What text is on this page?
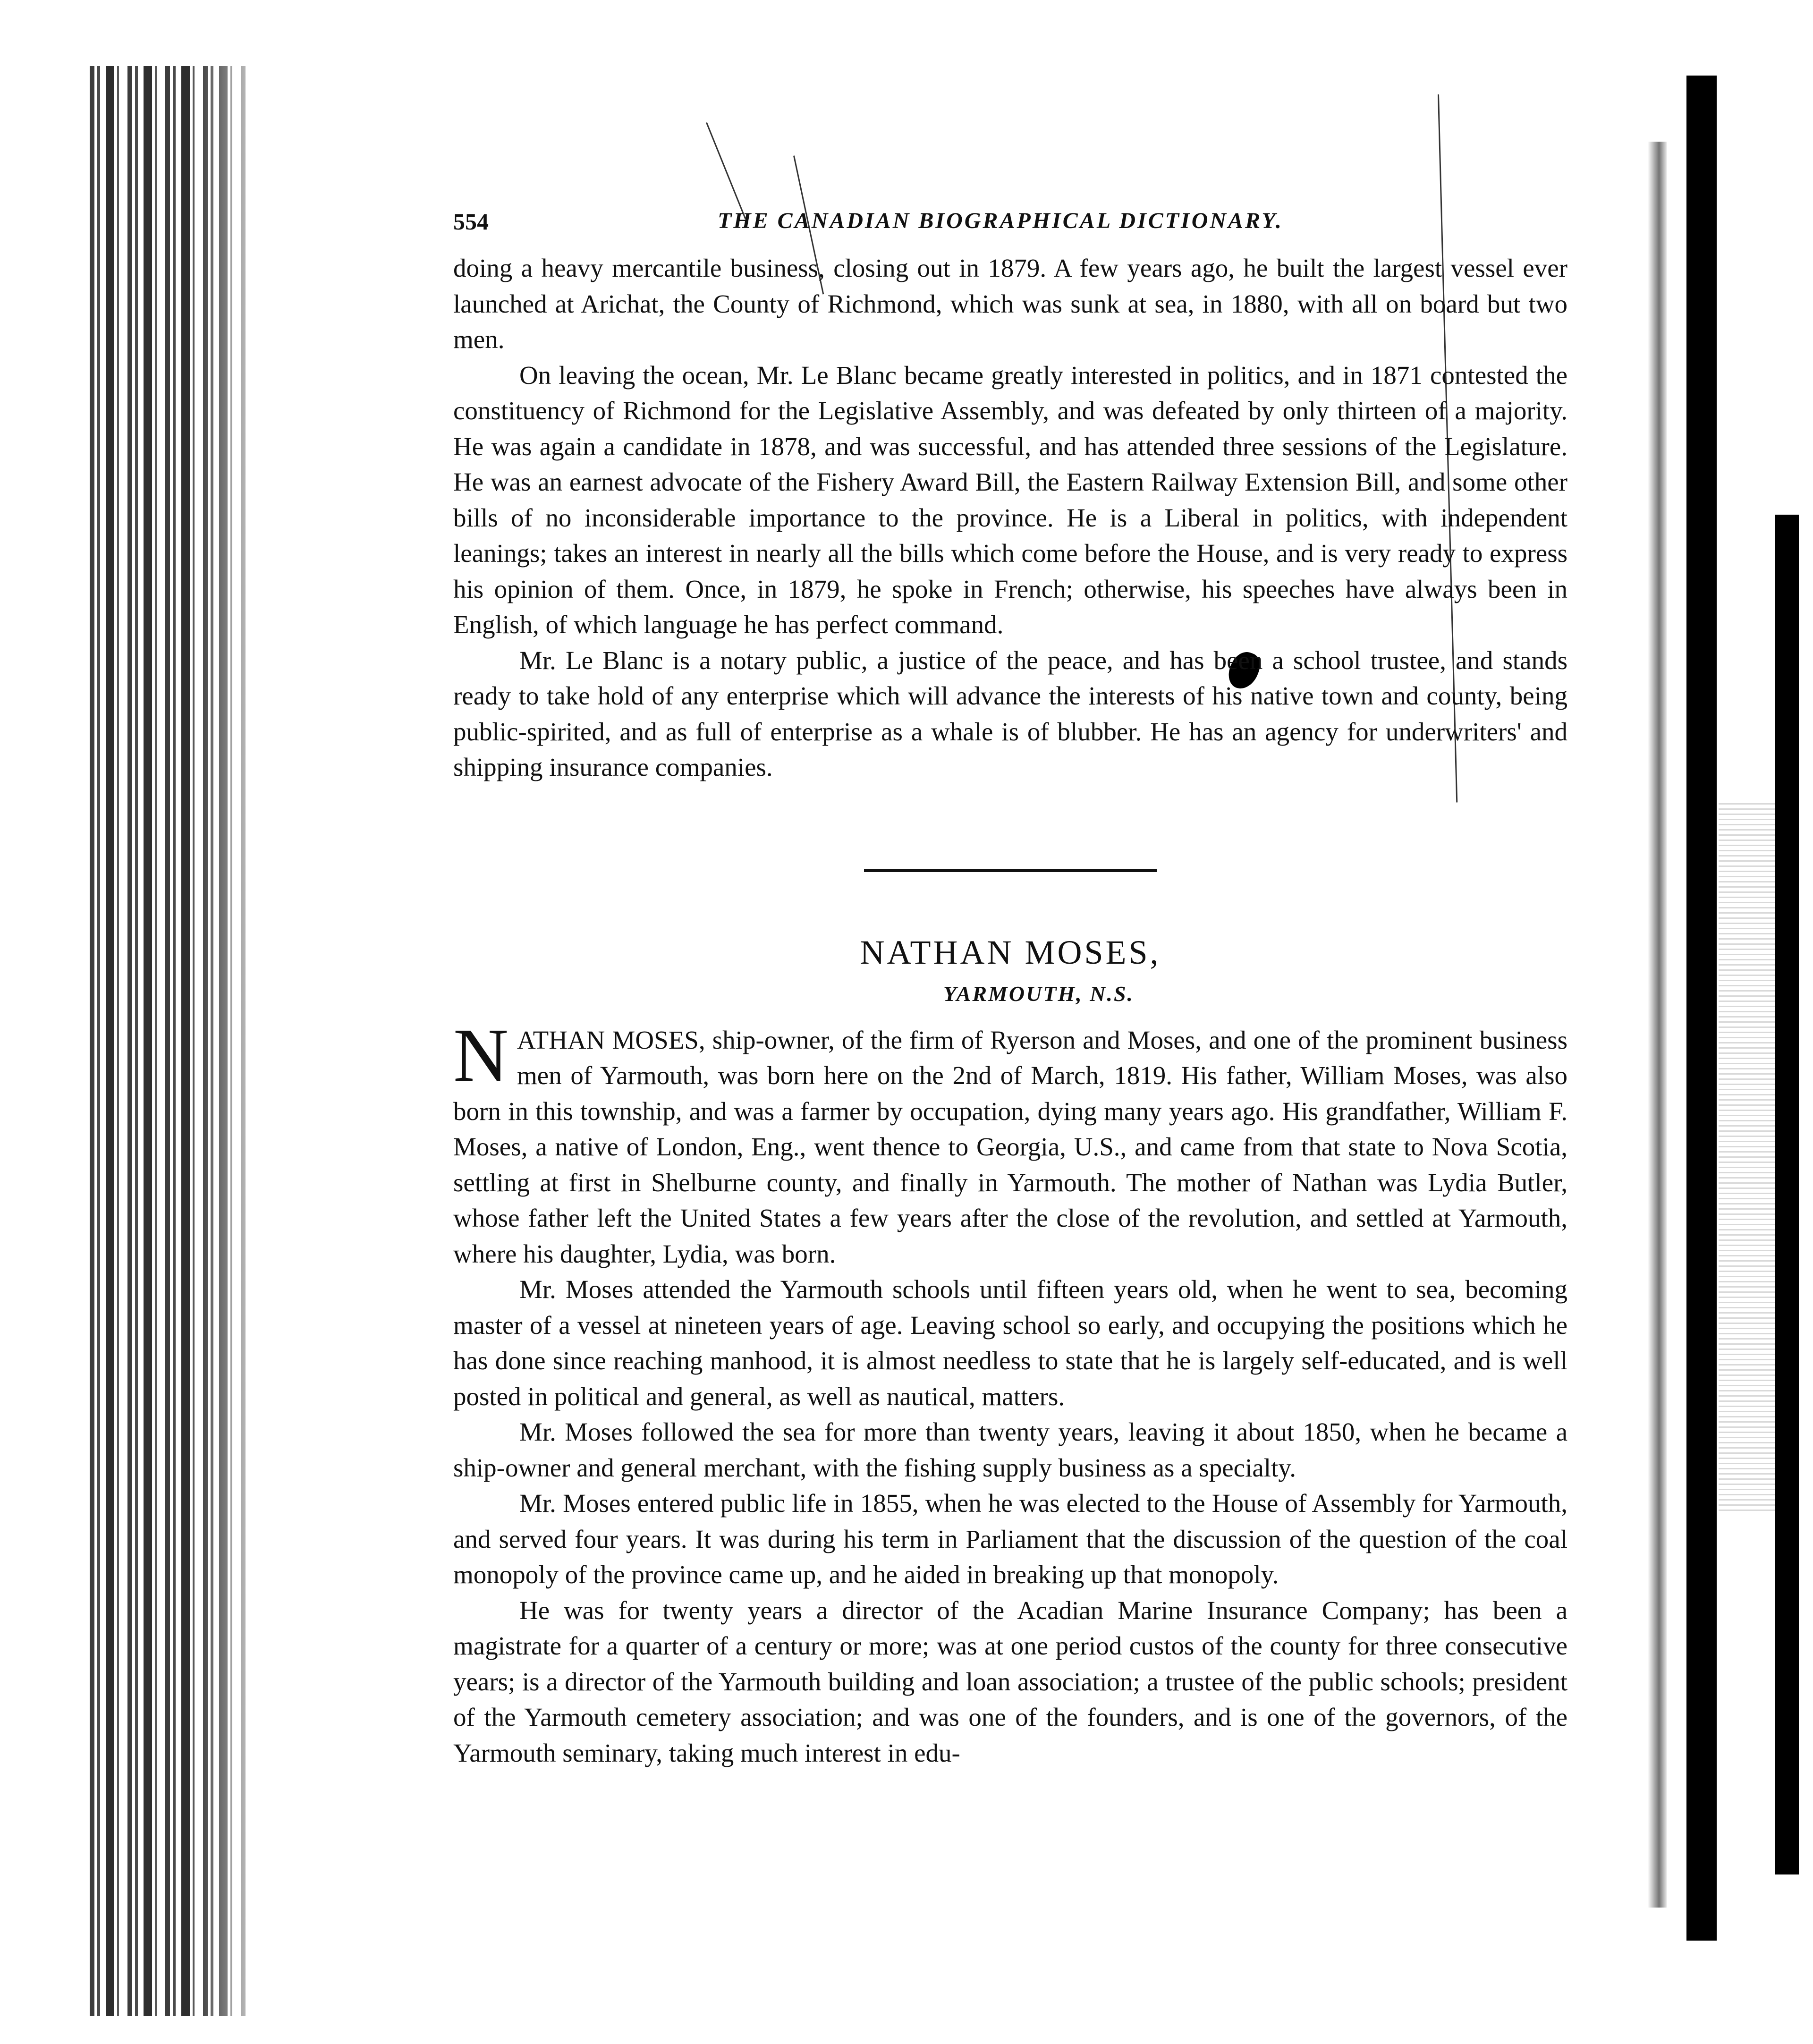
554	THE CANADIAN BIOGRAPHICAL DICTIONARY.

doing a heavy mercantile business, closing out in 1879. A few years ago, he built the largest vessel ever launched at Arichat, the County of Richmond, which was sunk at sea, in 1880, with all on board but two men.

On leaving the ocean, Mr. Le Blanc became greatly interested in politics, and in 1871 contested the constituency of Richmond for the Legislative Assembly, and was defeated by only thirteen of a majority. He was again a candidate in 1878, and was successful, and has attended three sessions of the Legislature. He was an earnest advocate of the Fishery Award Bill, the Eastern Railway Extension Bill, and some other bills of no inconsiderable importance to the province. He is a Liberal in politics, with independent leanings; takes an interest in nearly all the bills which come before the House, and is very ready to express his opinion of them. Once, in 1879, he spoke in French; otherwise, his speeches have always been in English, of which language he has perfect command.

Mr. Le Blanc is a notary public, a justice of the peace, and has been a school trustee, and stands ready to take hold of any enterprise which will advance the interests of his native town and county, being public-spirited, and as full of enterprise as a whale is of blubber. He has an agency for underwriters' and shipping insurance companies.

NATHAN MOSES,
YARMOUTH, N.S.

NATHAN MOSES, ship-owner, of the firm of Ryerson and Moses, and one of the prominent business men of Yarmouth, was born here on the 2nd of March, 1819. His father, William Moses, was also born in this township, and was a farmer by occupation, dying many years ago. His grandfather, William F. Moses, a native of London, Eng., went thence to Georgia, U.S., and came from that state to Nova Scotia, settling at first in Shelburne county, and finally in Yarmouth. The mother of Nathan was Lydia Butler, whose father left the United States a few years after the close of the revolution, and settled at Yarmouth, where his daughter, Lydia, was born.

Mr. Moses attended the Yarmouth schools until fifteen years old, when he went to sea, becoming master of a vessel at nineteen years of age. Leaving school so early, and occupying the positions which he has done since reaching manhood, it is almost needless to state that he is largely self-educated, and is well posted in political and general, as well as nautical, matters.

Mr. Moses followed the sea for more than twenty years, leaving it about 1850, when he became a ship-owner and general merchant, with the fishing supply business as a specialty.

Mr. Moses entered public life in 1855, when he was elected to the House of Assembly for Yarmouth, and served four years. It was during his term in Parliament that the discussion of the question of the coal monopoly of the province came up, and he aided in breaking up that monopoly.

He was for twenty years a director of the Acadian Marine Insurance Company; has been a magistrate for a quarter of a century or more; was at one period custos of the county for three consecutive years; is a director of the Yarmouth building and loan association; a trustee of the public schools; president of the Yarmouth cemetery association; and was one of the founders, and is one of the governors, of the Yarmouth seminary, taking much interest in edu-
